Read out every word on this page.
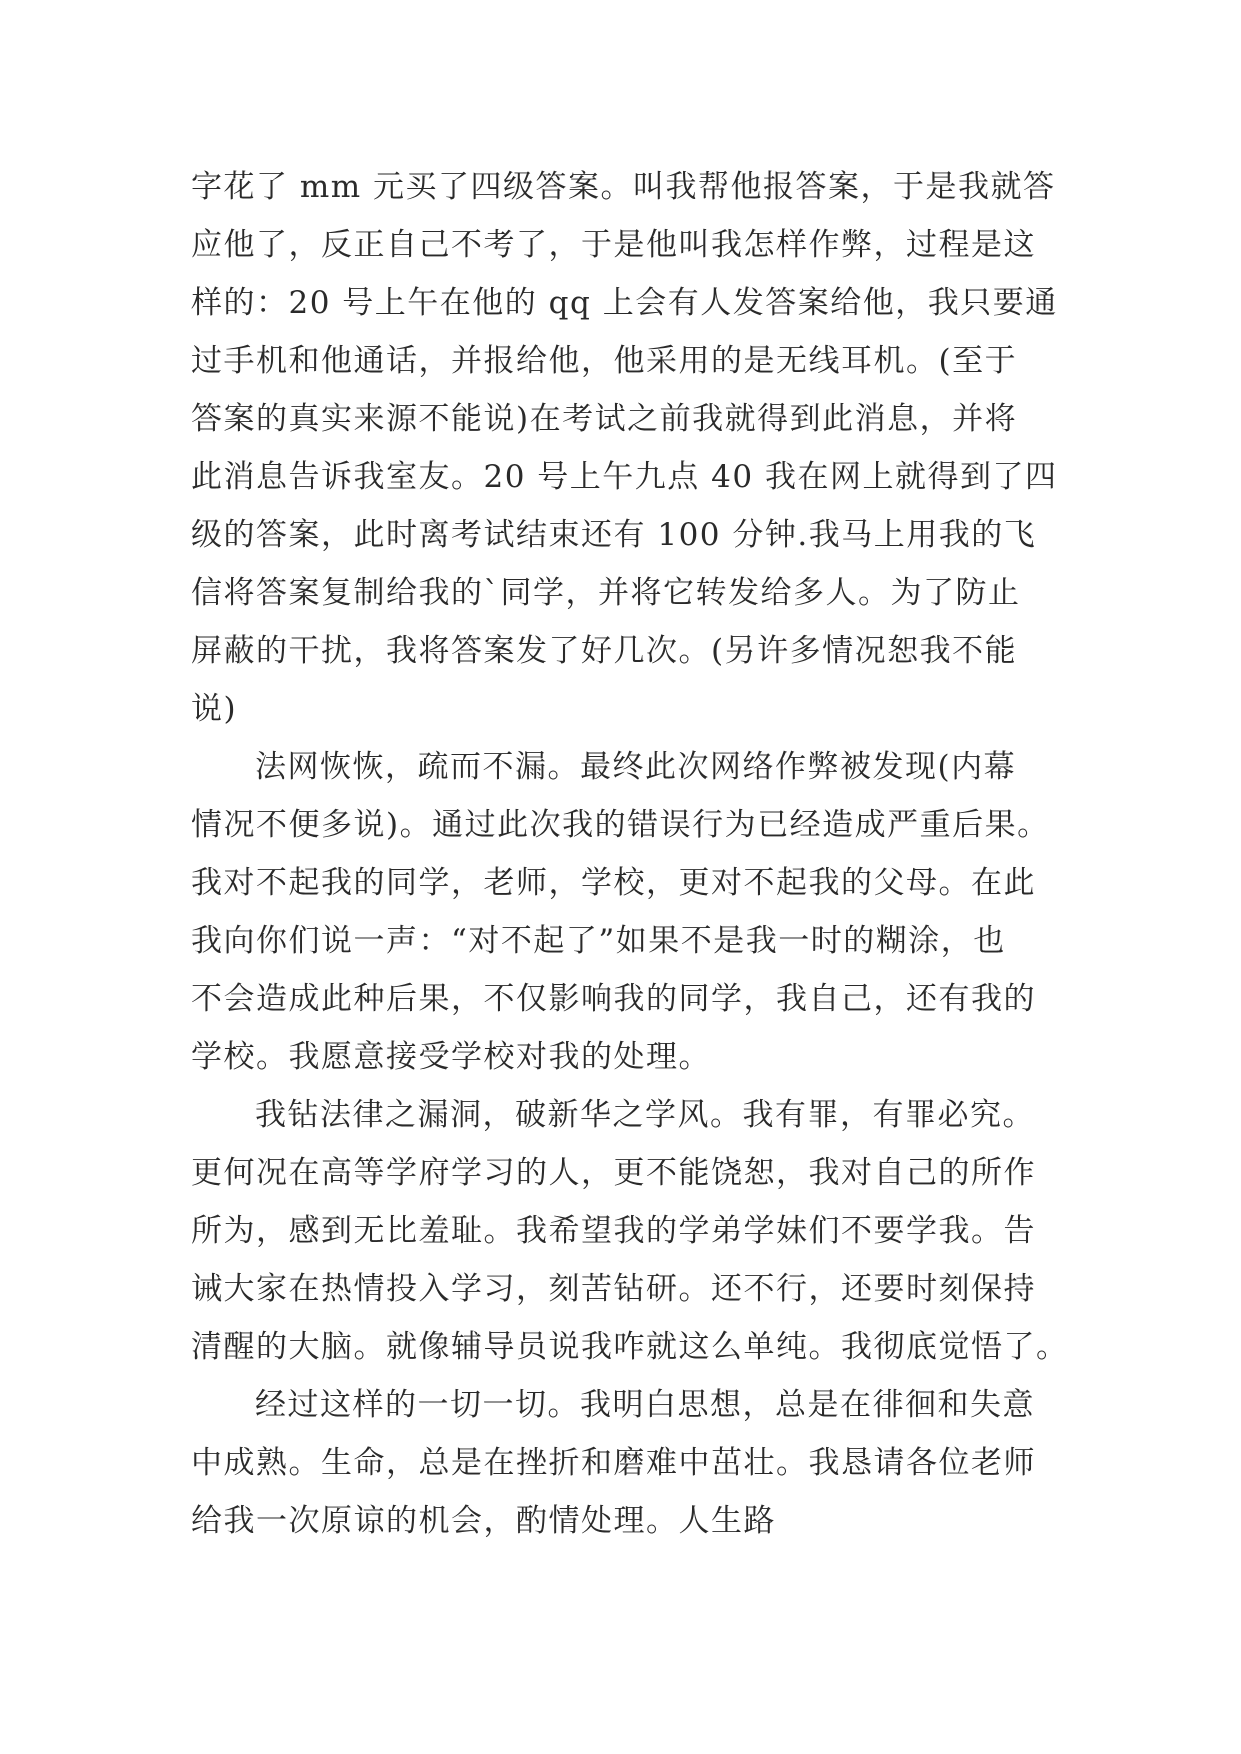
字花了 mm 元买了四级答案。叫我帮他报答案，于是我就答
应他了，反正自己不考了，于是他叫我怎样作弊，过程是这
样的：20 号上午在他的 qq 上会有人发答案给他，我只要通
过手机和他通话，并报给他，他采用的是无线耳机。(至于
答案的真实来源不能说)在考试之前我就得到此消息，并将
此消息告诉我室友。20 号上午九点 40 我在网上就得到了四
级的答案，此时离考试结束还有 100 分钟.我马上用我的飞
信将答案复制给我的`同学，并将它转发给多人。为了防止
屏蔽的干扰，我将答案发了好几次。(另许多情况恕我不能
说)
法网恢恢，疏而不漏。最终此次网络作弊被发现(内幕
情况不便多说)。通过此次我的错误行为已经造成严重后果。
我对不起我的同学，老师，学校，更对不起我的父母。在此
我向你们说一声：“对不起了”如果不是我一时的糊涂，也
不会造成此种后果，不仅影响我的同学，我自己，还有我的
学校。我愿意接受学校对我的处理。
我钻法律之漏洞，破新华之学风。我有罪，有罪必究。
更何况在高等学府学习的人，更不能饶恕，我对自己的所作
所为，感到无比羞耻。我希望我的学弟学妹们不要学我。告
诫大家在热情投入学习，刻苦钻研。还不行，还要时刻保持
清醒的大脑。就像辅导员说我咋就这么单纯。我彻底觉悟了。
经过这样的一切一切。我明白思想，总是在徘徊和失意
中成熟。生命，总是在挫折和磨难中茁壮。我恳请各位老师
给我一次原谅的机会，酌情处理。人生路
